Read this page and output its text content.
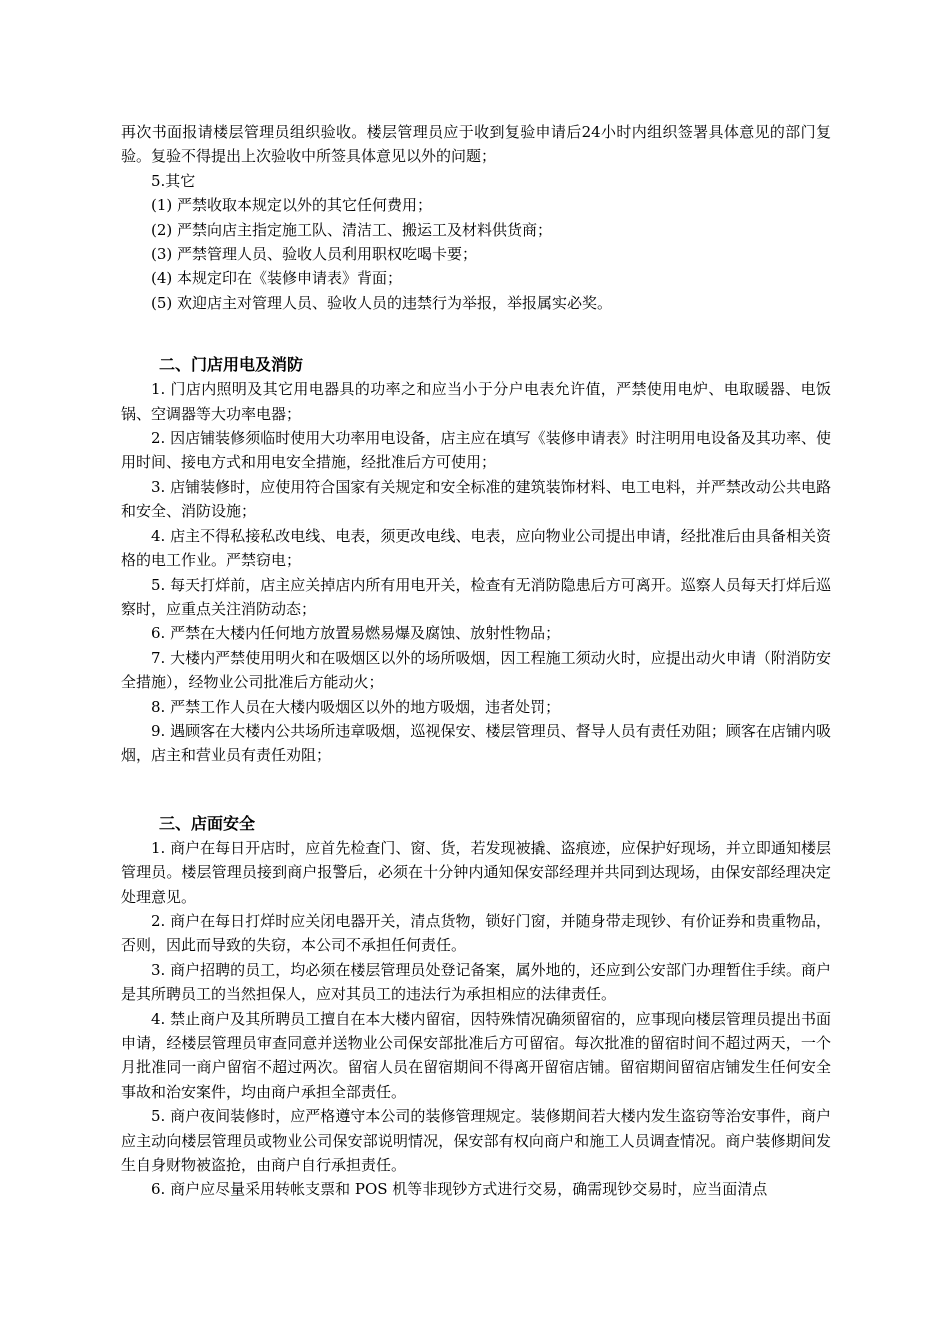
再次书面报请楼层管理员组织验收。楼层管理员应于收到复验申请后24小时内组织签署具体意见的部门复验。复验不得提出上次验收中所签具体意见以外的问题；

5.其它

(1) 严禁收取本规定以外的其它任何费用；

(2) 严禁向店主指定施工队、清洁工、搬运工及材料供货商；

(3) 严禁管理人员、验收人员利用职权吃喝卡要；

(4) 本规定印在《装修申请表》背面；

(5) 欢迎店主对管理人员、验收人员的违禁行为举报，举报属实必奖。

二、门店用电及消防

1. 门店内照明及其它用电器具的功率之和应当小于分户电表允许值，严禁使用电炉、电取暖器、电饭锅、空调器等大功率电器；

2. 因店铺装修须临时使用大功率用电设备，店主应在填写《装修申请表》时注明用电设备及其功率、使用时间、接电方式和用电安全措施，经批准后方可使用；

3. 店铺装修时，应使用符合国家有关规定和安全标准的建筑装饰材料、电工电料，并严禁改动公共电路和安全、消防设施；

4. 店主不得私接私改电线、电表，须更改电线、电表，应向物业公司提出申请，经批准后由具备相关资格的电工作业。严禁窃电；

5. 每天打烊前，店主应关掉店内所有用电开关，检查有无消防隐患后方可离开。巡察人员每天打烊后巡察时，应重点关注消防动态；

6. 严禁在大楼内任何地方放置易燃易爆及腐蚀、放射性物品；

7. 大楼内严禁使用明火和在吸烟区以外的场所吸烟，因工程施工须动火时，应提出动火申请（附消防安全措施），经物业公司批准后方能动火；

8. 严禁工作人员在大楼内吸烟区以外的地方吸烟，违者处罚；

9. 遇顾客在大楼内公共场所违章吸烟，巡视保安、楼层管理员、督导人员有责任劝阻；顾客在店铺内吸烟，店主和营业员有责任劝阻；

三、店面安全

1. 商户在每日开店时，应首先检查门、窗、货，若发现被撬、盗痕迹，应保护好现场，并立即通知楼层管理员。楼层管理员接到商户报警后，必须在十分钟内通知保安部经理并共同到达现场，由保安部经理决定处理意见。

2. 商户在每日打烊时应关闭电器开关，清点货物，锁好门窗，并随身带走现钞、有价证券和贵重物品，否则，因此而导致的失窃，本公司不承担任何责任。

3. 商户招聘的员工，均必须在楼层管理员处登记备案，属外地的，还应到公安部门办理暂住手续。商户是其所聘员工的当然担保人，应对其员工的违法行为承担相应的法律责任。

4. 禁止商户及其所聘员工擅自在本大楼内留宿，因特殊情况确须留宿的，应事现向楼层管理员提出书面申请，经楼层管理员审查同意并送物业公司保安部批准后方可留宿。每次批准的留宿时间不超过两天，一个月批准同一商户留宿不超过两次。留宿人员在留宿期间不得离开留宿店铺。留宿期间留宿店铺发生任何安全事故和治安案件，均由商户承担全部责任。

5. 商户夜间装修时，应严格遵守本公司的装修管理规定。装修期间若大楼内发生盗窃等治安事件，商户应主动向楼层管理员或物业公司保安部说明情况，保安部有权向商户和施工人员调查情况。商户装修期间发生自身财物被盗抢，由商户自行承担责任。

6. 商户应尽量采用转帐支票和 POS 机等非现钞方式进行交易，确需现钞交易时，应当面清点
